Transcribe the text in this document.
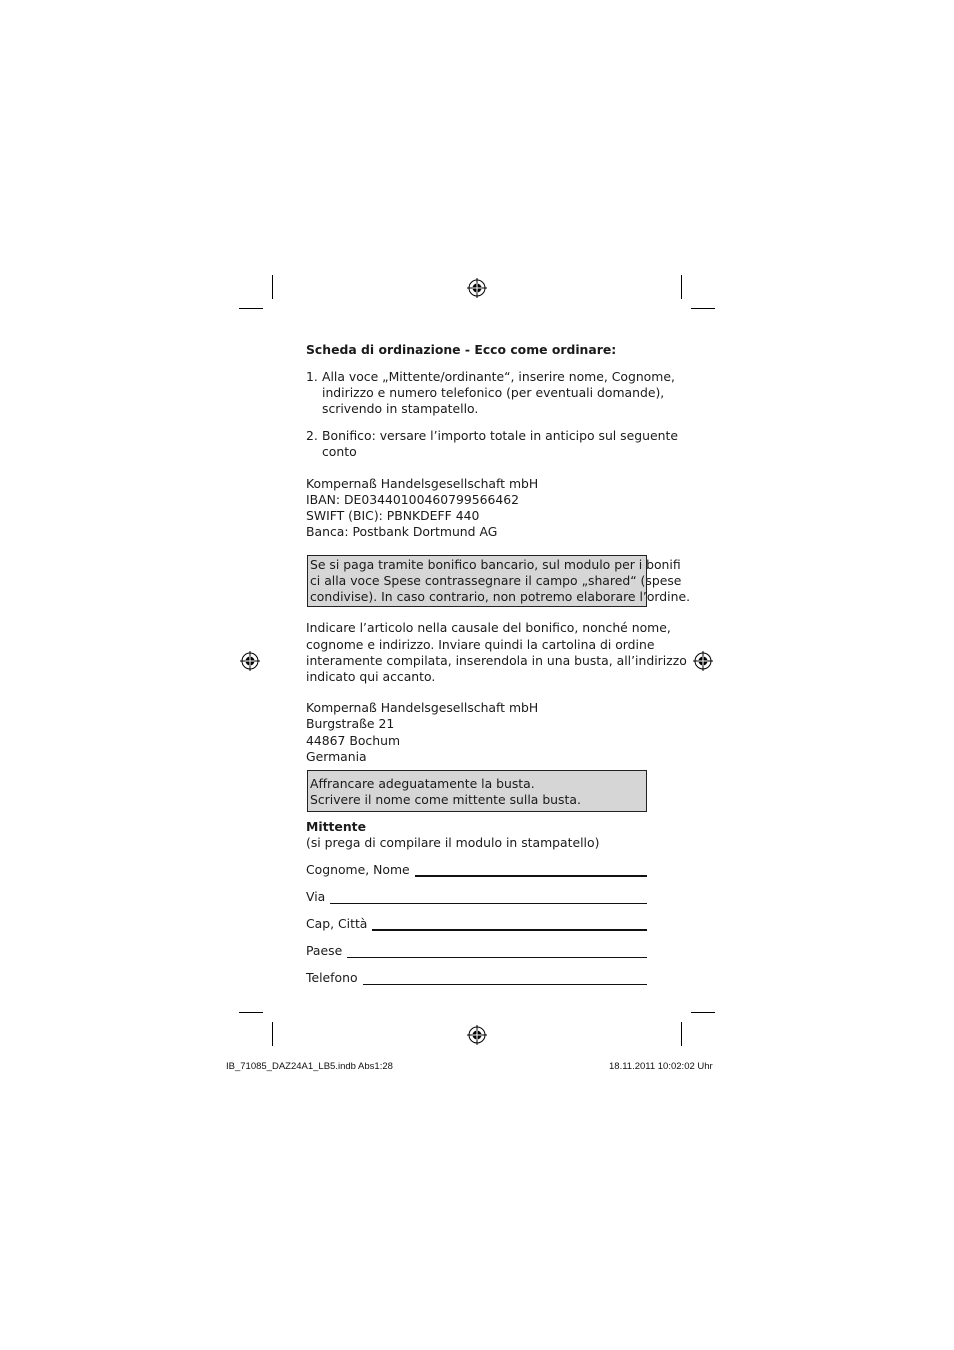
Scheda di ordinazione - Ecco come ordinare:
1. Alla voce „Mittente/ordinante“, inserire nome, Cognome,
indirizzo e numero telefonico (per eventuali domande),
scrivendo in stampatello.
2. Bonifico: versare l’importo totale in anticipo sul seguente
conto
Kompernaß Handelsgesellschaft mbH
IBAN: DE03440100460799566462
SWIFT (BIC): PBNKDEFF 440
Banca: Postbank Dortmund AG
Se si paga tramite bonifico bancario, sul modulo per i bonifi
ci alla voce Spese contrassegnare il campo „shared“ (spese
condivise). In caso contrario, non potremo elaborare l’ordine.
Indicare l’articolo nella causale del bonifico, nonché nome,
cognome e indirizzo. Inviare quindi la cartolina di ordine
interamente compilata, inserendola in una busta, all’indirizzo
indicato qui accanto.
Kompernaß Handelsgesellschaft mbH
Burgstraße 21
44867 Bochum
Germania
Affrancare adeguatamente la busta.
Scrivere il nome come mittente sulla busta.
Mittente
(si prega di compilare il modulo in stampatello)
Cognome, Nome
Via
Cap, Città
Paese
Telefono
IB_71085_DAZ24A1_LB5.indb Abs1:28	18.11.2011 10:02:02 Uhr
